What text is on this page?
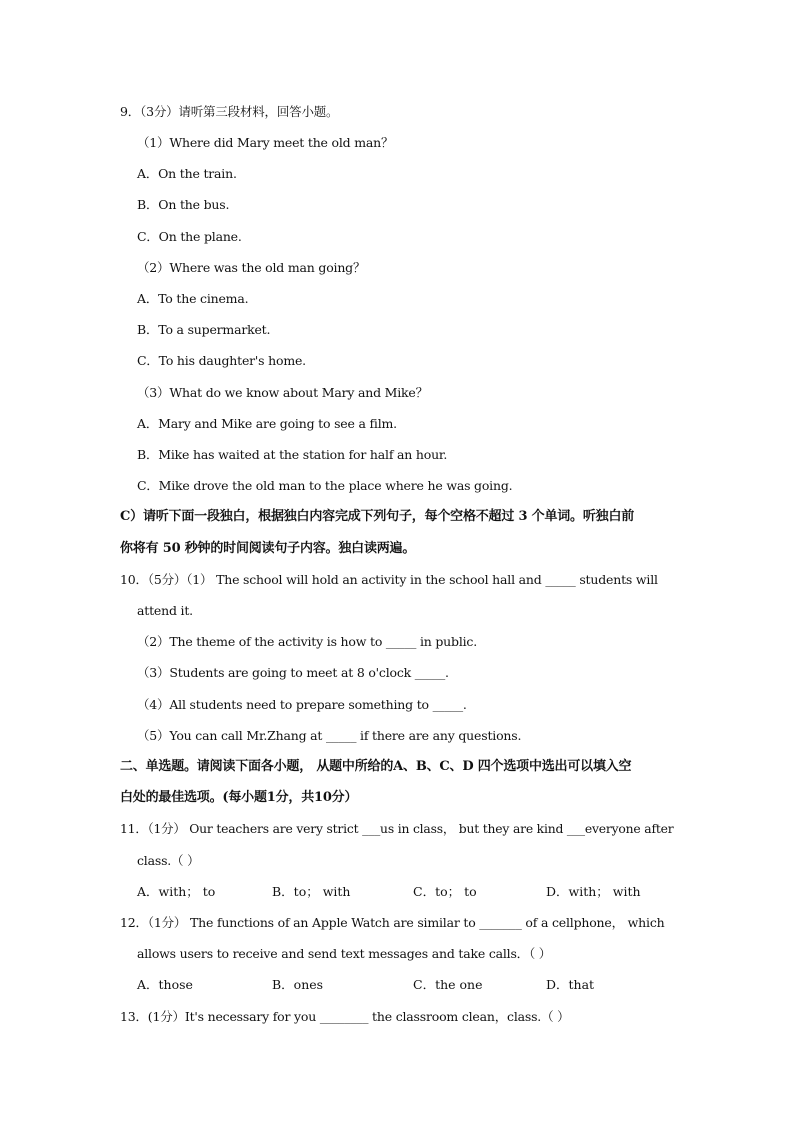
9．（3分）请听第三段材料，回答小题。
（1）Where did Mary meet the old man？
A．On the train.
B．On the bus.
C．On the plane.
（2）Where was the old man going？
A．To the cinema.
B．To a supermarket.
C．To his daughter's home.
（3）What do we know about Mary and Mike？
A．Mary and Mike are going to see a film.
B．Mike has waited at the station for half an hour.
C．Mike drove the old man to the place where he was going.
C）请听下面一段独白，根据独白内容完成下列句子，每个空格不超过 3 个单词。听独白前
你将有 50 秒钟的时间阅读句子内容。独白读两遍。
10．（5分）（1） The school will hold an activity in the school hall and _____ students will
attend it.
（2）The theme of the activity is how to _____ in public.
（3）Students are going to meet at 8 o'clock _____.
（4）All students need to prepare something to _____.
（5）You can call Mr.Zhang at _____ if there are any questions.
二、单选题。请阅读下面各小题， 从题中所给的A、B、C、D 四个选项中选出可以填入空
白处的最佳选项。(每小题1分，共10分）
11．（1分） Our teachers are very strict ___us in class， but they are kind ___everyone after
class.（ ）
A．with； to	B．to； with	C．to； to	D．with； with
12．（1分） The functions of an Apple Watch are similar to _______ of a cellphone， which
allows users to receive and send text messages and take calls．（ ）
A．those	B．ones	C．the one	D．that
13．(1分）It's necessary for you ________ the classroom clean，class.（ ）
